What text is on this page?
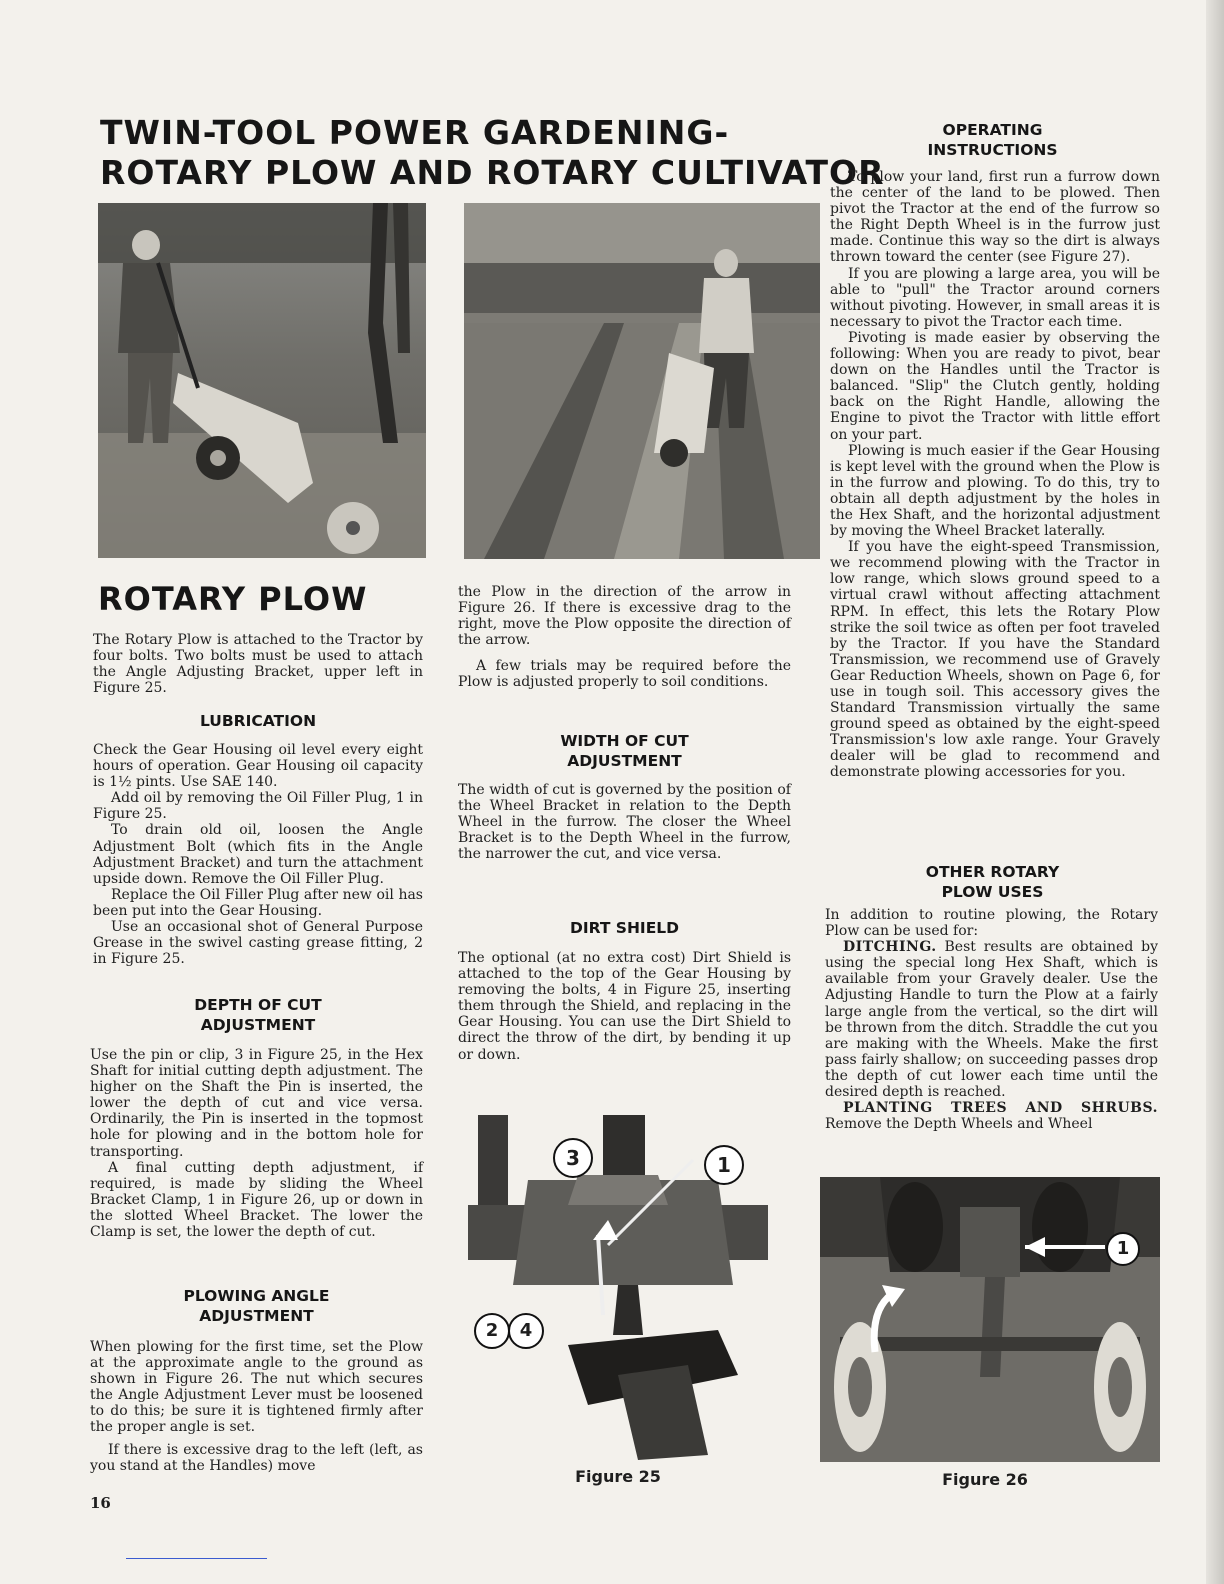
TWIN-TOOL POWER GARDENING-
ROTARY PLOW AND ROTARY CULTIVATOR
ROTARY PLOW

The Rotary Plow is attached to the Tractor by four bolts. Two bolts must be used to attach the Angle Adjusting Bracket, upper left in Figure 25.

LUBRICATION

Check the Gear Housing oil level every eight hours of operation. Gear Housing oil capacity is 1½ pints. Use SAE 140.

Add oil by removing the Oil Filler Plug, 1 in Figure 25.

To drain old oil, loosen the Angle Adjustment Bolt (which fits in the Angle Adjustment Bracket) and turn the attachment upside down. Remove the Oil Filler Plug.

Replace the Oil Filler Plug after new oil has been put into the Gear Housing.

Use an occasional shot of General Purpose Grease in the swivel casting grease fitting, 2 in Figure 25.

DEPTH OF CUT
ADJUSTMENT

Use the pin or clip, 3 in Figure 25, in the Hex Shaft for initial cutting depth adjustment. The higher on the Shaft the Pin is inserted, the lower the depth of cut and vice versa. Ordinarily, the Pin is inserted in the topmost hole for plowing and in the bottom hole for transporting.

A final cutting depth adjustment, if required, is made by sliding the Wheel Bracket Clamp, 1 in Figure 26, up or down in the slotted Wheel Bracket. The lower the Clamp is set, the lower the depth of cut.

PLOWING ANGLE
ADJUSTMENT

When plowing for the first time, set the Plow at the approximate angle to the ground as shown in Figure 26. The nut which secures the Angle Adjustment Lever must be loosened to do this; be sure it is tightened firmly after the proper angle is set.

If there is excessive drag to the left (left, as you stand at the Handles) move

16

the Plow in the direction of the arrow in Figure 26. If there is excessive drag to the right, move the Plow opposite the direction of the arrow.

A few trials may be required before the Plow is adjusted properly to soil conditions.

WIDTH OF CUT
ADJUSTMENT

The width of cut is governed by the position of the Wheel Bracket in relation to the Depth Wheel in the furrow. The closer the Wheel Bracket is to the Depth Wheel in the furrow, the narrower the cut, and vice versa.

DIRT SHIELD

The optional (at no extra cost) Dirt Shield is attached to the top of the Gear Housing by removing the bolts, 4 in Figure 25, inserting them through the Shield, and replacing in the Gear Housing. You can use the Dirt Shield to direct the throw of the dirt, by bending it up or down.

3	1
2	4
Figure 25
OPERATING
INSTRUCTIONS

To plow your land, first run a furrow down the center of the land to be plowed. Then pivot the Tractor at the end of the furrow so the Right Depth Wheel is in the furrow just made. Continue this way so the dirt is always thrown toward the center (see Figure 27).

If you are plowing a large area, you will be able to "pull" the Tractor around corners without pivoting. However, in small areas it is necessary to pivot the Tractor each time.

Pivoting is made easier by observing the following: When you are ready to pivot, bear down on the Handles until the Tractor is balanced. "Slip" the Clutch gently, holding back on the Right Handle, allowing the Engine to pivot the Tractor with little effort on your part.

Plowing is much easier if the Gear Housing is kept level with the ground when the Plow is in the furrow and plowing. To do this, try to obtain all depth adjustment by the holes in the Hex Shaft, and the horizontal adjustment by moving the Wheel Bracket laterally.

If you have the eight-speed Transmission, we recommend plowing with the Tractor in low range, which slows ground speed to a virtual crawl without affecting attachment RPM. In effect, this lets the Rotary Plow strike the soil twice as often per foot traveled by the Tractor. If you have the Standard Transmission, we recommend use of Gravely Gear Reduction Wheels, shown on Page 6, for use in tough soil. This accessory gives the Standard Transmission virtually the same ground speed as obtained by the eight-speed Transmission's low axle range. Your Gravely dealer will be glad to recommend and demonstrate plowing accessories for you.

OTHER ROTARY
PLOW USES

In addition to routine plowing, the Rotary Plow can be used for:

DITCHING. Best results are obtained by using the special long Hex Shaft, which is available from your Gravely dealer. Use the Adjusting Handle to turn the Plow at a fairly large angle from the vertical, so the dirt will be thrown from the ditch. Straddle the cut you are making with the Wheels. Make the first pass fairly shallow; on succeeding passes drop the depth of cut lower each time until the desired depth is reached.

PLANTING TREES AND SHRUBS. Remove the Depth Wheels and Wheel

1
Figure 26
